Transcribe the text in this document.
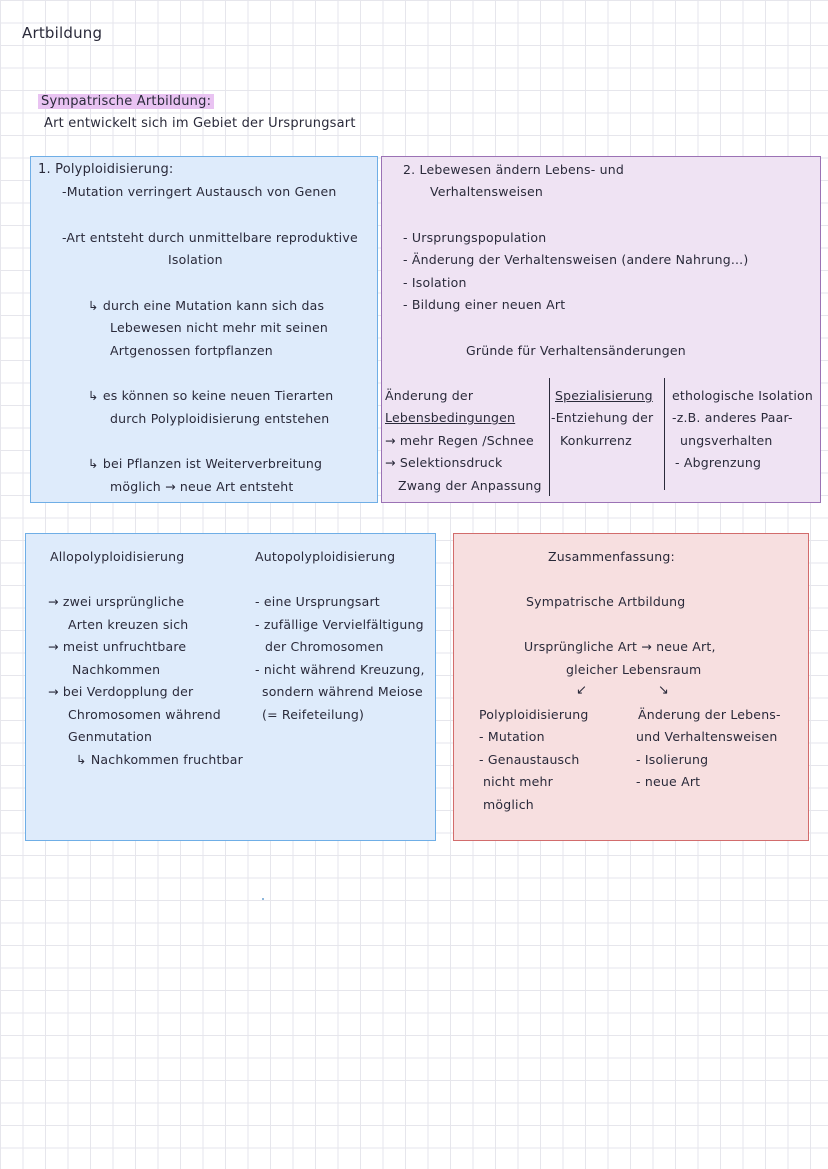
Artbildung
Sympatrische Artbildung:
Art entwickelt sich im Gebiet der Ursprungsart
1. Polyploidisierung:
-Mutation verringert Austausch von Genen
-Art entsteht durch unmittelbare reproduktive
Isolation
↳ durch eine Mutation kann sich das
Lebewesen nicht mehr mit seinen
Artgenossen fortpflanzen
↳ es können so keine neuen Tierarten
durch Polyploidisierung entstehen
↳ bei Pflanzen ist Weiterverbreitung
möglich → neue Art entsteht
2. Lebewesen ändern Lebens- und
Verhaltensweisen
- Ursprungspopulation
- Änderung der Verhaltensweisen (andere Nahrung...)
- Isolation
- Bildung einer neuen Art
Gründe für Verhaltensänderungen
Änderung der
Lebensbedingungen
→ mehr Regen /Schnee
→ Selektionsdruck
Zwang der Anpassung
Spezialisierung
-Entziehung der
Konkurrenz
ethologische Isolation
-z.B. anderes Paar-
ungsverhalten
- Abgrenzung
Allopolyploidisierung	Autopolyploidisierung
→ zwei ursprüngliche
Arten kreuzen sich
→ meist unfruchtbare
Nachkommen
→ bei Verdopplung der
Chromosomen während
Genmutation
↳ Nachkommen fruchtbar
- eine Ursprungsart
- zufällige Vervielfältigung
der Chromosomen
- nicht während Kreuzung,
sondern während Meiose
(= Reifeteilung)
Zusammenfassung:
Sympatrische Artbildung
Ursprüngliche Art → neue Art,
gleicher Lebensraum
↙	↘
Polyploidisierung
- Mutation
- Genaustausch
nicht mehr
möglich
Änderung der Lebens-
und Verhaltensweisen
- Isolierung
- neue Art
